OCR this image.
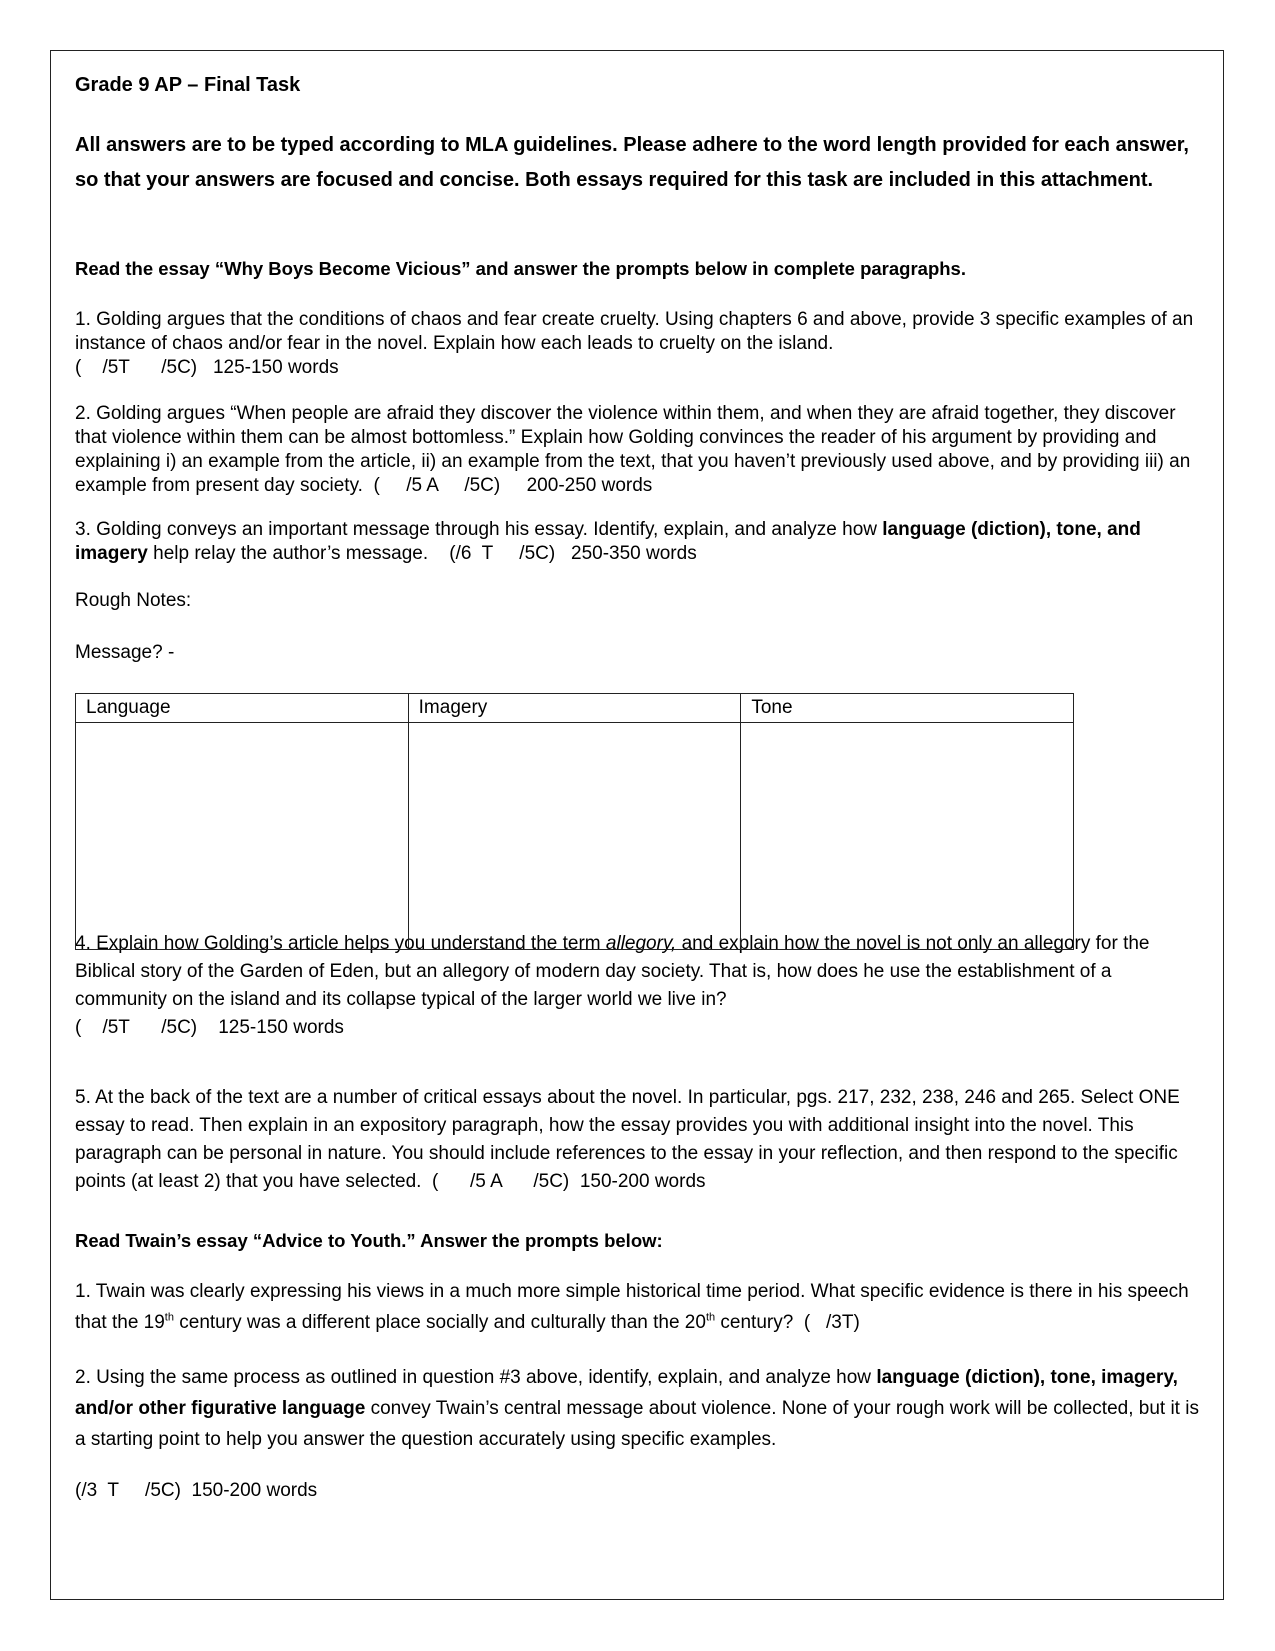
Grade 9 AP – Final Task
All answers are to be typed according to MLA guidelines. Please adhere to the word length provided for each answer, so that your answers are focused and concise. Both essays required for this task are included in this attachment.
Read the essay “Why Boys Become Vicious” and answer the prompts below in complete paragraphs.
1. Golding argues that the conditions of chaos and fear create cruelty. Using chapters 6 and above, provide 3 specific examples of an instance of chaos and/or fear in the novel. Explain how each leads to cruelty on the island.
(    /5T      /5C)   125-150 words
2. Golding argues “When people are afraid they discover the violence within them, and when they are afraid together, they discover that violence within them can be almost bottomless.” Explain how Golding convinces the reader of his argument by providing and explaining i) an example from the article, ii) an example from the text, that you haven’t previously used above, and by providing iii) an example from present day society.  (     /5 A     /5C)     200-250 words
3. Golding conveys an important message through his essay. Identify, explain, and analyze how language (diction), tone, and imagery help relay the author’s message.    (/6  T     /5C)   250-350 words
Rough Notes:
Message? -
4. Explain how Golding’s article helps you understand the term allegory, and explain how the novel is not only an allegory for the Biblical story of the Garden of Eden, but an allegory of modern day society. That is, how does he use the establishment of a community on the island and its collapse typical of the larger world we live in?
(    /5T      /5C)    125-150 words
5. At the back of the text are a number of critical essays about the novel. In particular, pgs. 217, 232, 238, 246 and 265. Select ONE essay to read. Then explain in an expository paragraph, how the essay provides you with additional insight into the novel. This paragraph can be personal in nature. You should include references to the essay in your reflection, and then respond to the specific points (at least 2) that you have selected.  (      /5 A      /5C)  150-200 words
Read Twain’s essay “Advice to Youth.” Answer the prompts below:
1. Twain was clearly expressing his views in a much more simple historical time period. What specific evidence is there in his speech that the 19th century was a different place socially and culturally than the 20th century?  (   /3T)
2. Using the same process as outlined in question #3 above, identify, explain, and analyze how language (diction), tone, imagery, and/or other figurative language convey Twain’s central message about violence. None of your rough work will be collected, but it is a starting point to help you answer the question accurately using specific examples.
(/3  T     /5C)  150-200 words
Language	Imagery	Tone
